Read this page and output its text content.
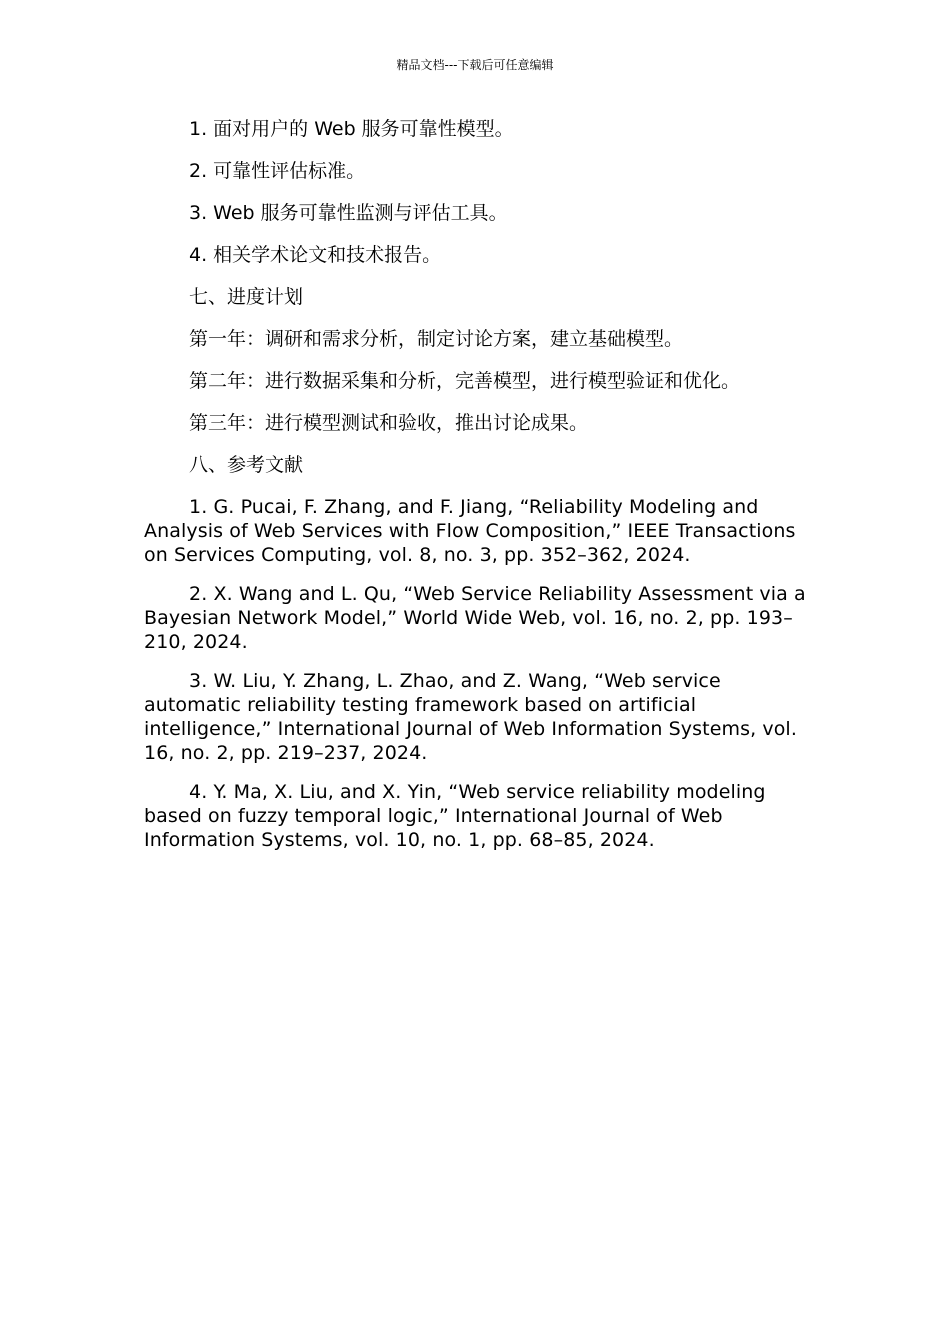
精品文档---下载后可任意编辑

1. 面对用户的 Web 服务可靠性模型。

2. 可靠性评估标准。

3. Web 服务可靠性监测与评估工具。

4. 相关学术论文和技术报告。

七、进度计划

第一年：调研和需求分析，制定讨论方案，建立基础模型。

第二年：进行数据采集和分析，完善模型，进行模型验证和优化。

第三年：进行模型测试和验收，推出讨论成果。

八、参考文献

1. G. Pucai, F. Zhang, and F. Jiang, “Reliability Modeling and Analysis of Web Services with Flow Composition,” IEEE Transactions on Services Computing, vol. 8, no. 3, pp. 352–362, 2024.

2. X. Wang and L. Qu, “Web Service Reliability Assessment via a Bayesian Network Model,” World Wide Web, vol. 16, no. 2, pp. 193–210, 2024.

3. W. Liu, Y. Zhang, L. Zhao, and Z. Wang, “Web service automatic reliability testing framework based on artificial intelligence,” International Journal of Web Information Systems, vol. 16, no. 2, pp. 219–237, 2024.

4. Y. Ma, X. Liu, and X. Yin, “Web service reliability modeling based on fuzzy temporal logic,” International Journal of Web Information Systems, vol. 10, no. 1, pp. 68–85, 2024.
